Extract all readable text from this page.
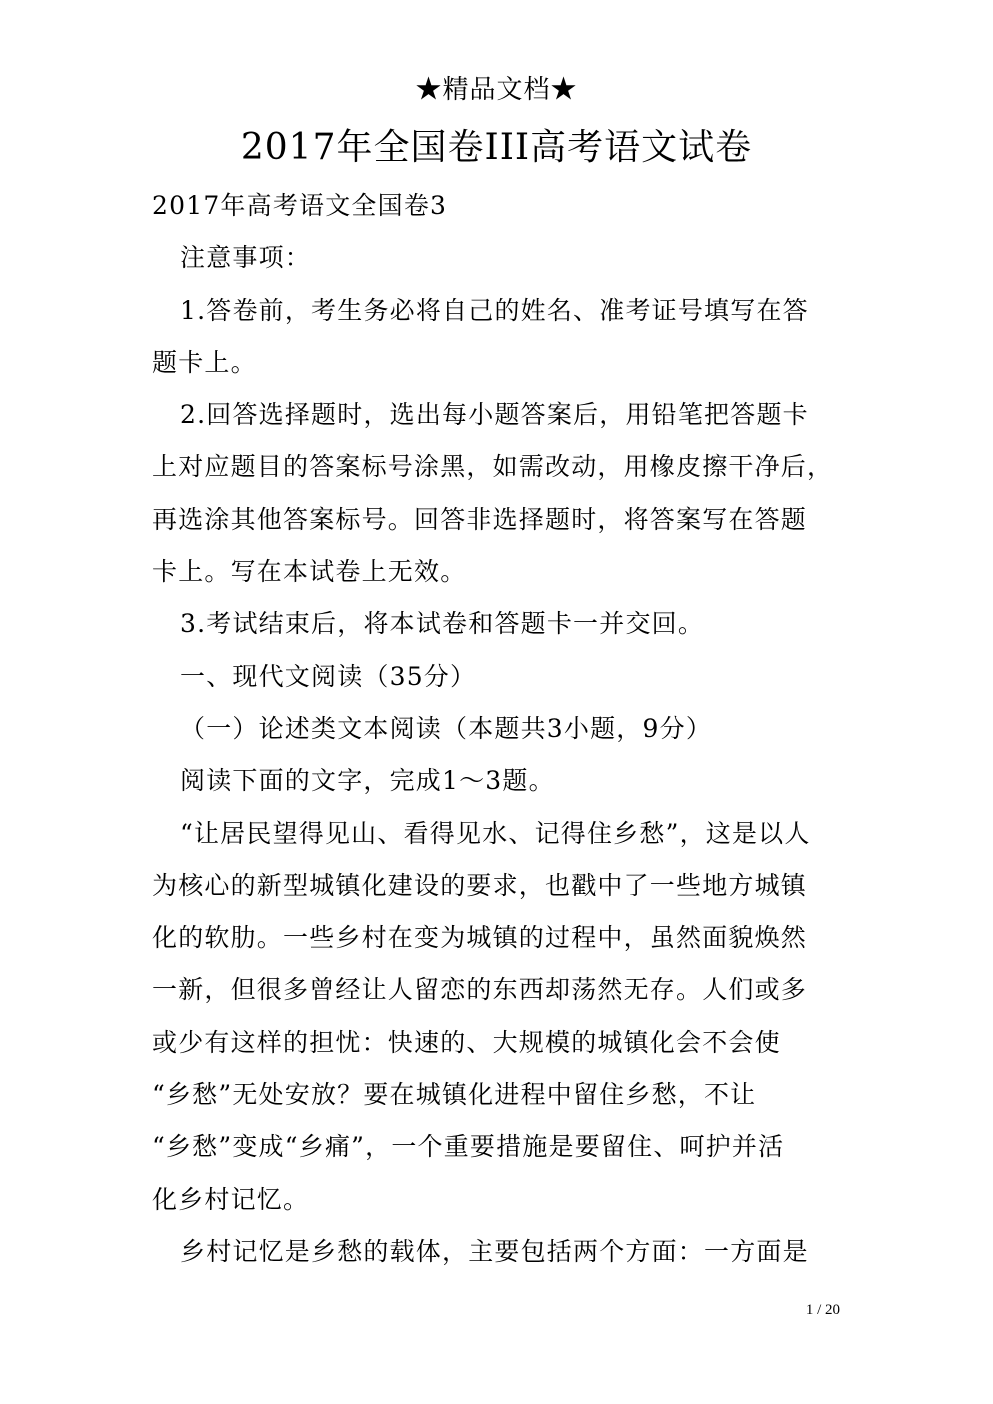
★精品文档★
2017年全国卷III高考语文试卷

2017年高考语文全国卷3

注意事项：

1.答卷前，考生务必将自己的姓名、准考证号填写在答

题卡上。

2.回答选择题时，选出每小题答案后，用铅笔把答题卡

上对应题目的答案标号涂黑，如需改动，用橡皮擦干净后，

再选涂其他答案标号。回答非选择题时，将答案写在答题

卡上。写在本试卷上无效。

3.考试结束后，将本试卷和答题卡一并交回。

一、现代文阅读（35分）

（一）论述类文本阅读（本题共3小题，9分）

阅读下面的文字，完成1～3题。

“让居民望得见山、看得见水、记得住乡愁”，这是以人

为核心的新型城镇化建设的要求，也戳中了一些地方城镇

化的软肋。一些乡村在变为城镇的过程中，虽然面貌焕然

一新，但很多曾经让人留恋的东西却荡然无存。人们或多

或少有这样的担忧：快速的、大规模的城镇化会不会使

“乡愁”无处安放？要在城镇化进程中留住乡愁，不让

“乡愁”变成“乡痛”，一个重要措施是要留住、呵护并活

化乡村记忆。

乡村记忆是乡愁的载体，主要包括两个方面：一方面是

1 / 20
